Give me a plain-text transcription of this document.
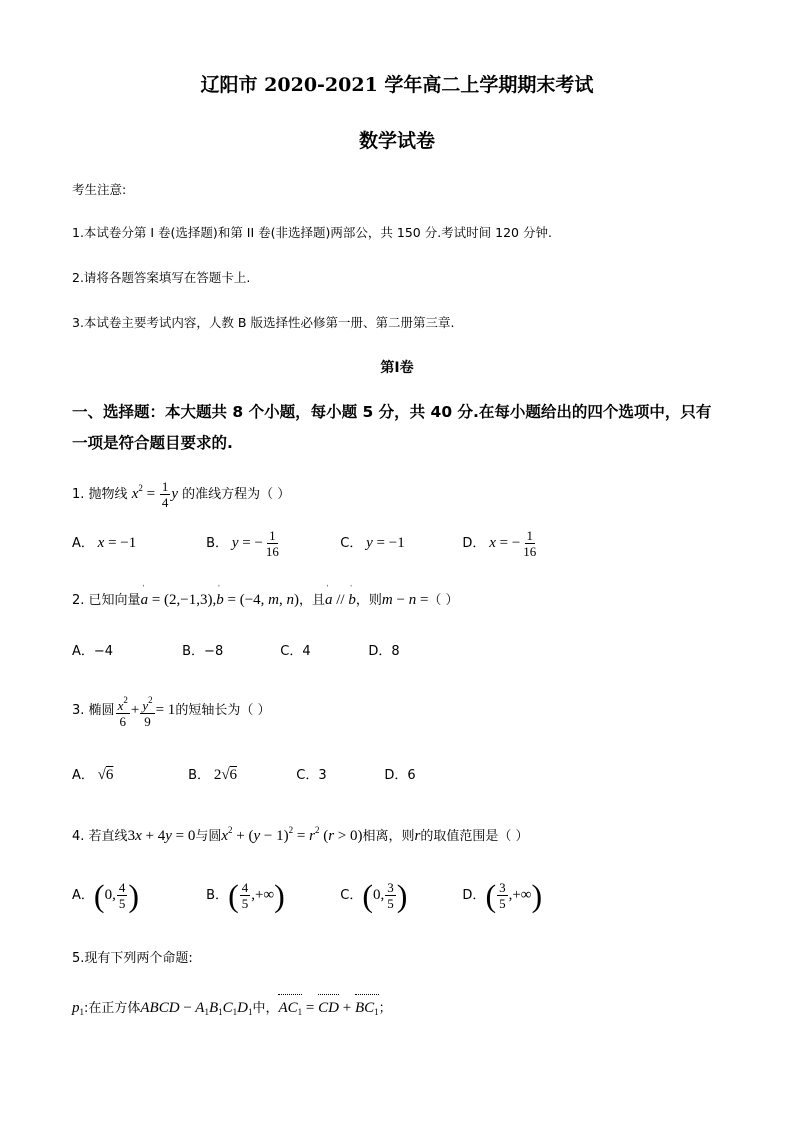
辽阳市 2020-2021 学年高二上学期期末考试
数学试卷
考生注意:
1.本试卷分第 I 卷(选择题)和第 II 卷(非选择题)两部公，共 150 分.考试时间 120 分钟.
2.请将各题答案填写在答题卡上.
3.本试卷主要考试内容，人教 B 版选择性必修第一册、第二册第三章.
第I卷
一、选择题：本大题共 8 个小题，每小题 5 分，共 40 分.在每小题给出的四个选项中，只有
一项是符合题目要求的.
1. 抛物线 $x^2 = \frac{1}{4}$ y 的准线方程为（ ）
A． x = −1	B． y = − $\frac{1}{16}$	C． y = −1	D． x = − $\frac{1}{16}$
2. 已知向量ˈ a = (2,−1,3),ˈ b = (−4, m, n)，且ˈ a // ˈ b，则m − n =（ ）
A．−4	B．−8	C．4	D．8
3. 椭圆 $\frac{x^2}{6} + \frac{y^2}{9} = 1$的短轴长为（ ）
A． √6	B． 2√6	C．3	D．6
4. 若直线3x + 4y = 0与圆$x^2 + (y - 1)^2 = r^2$ (r > 0)相离，则r的取值范围是（ ）
A．(0, $\frac{4}{5}$ )	B．( $\frac{4}{5}$ ,+∞)	C．(0, $\frac{3}{5}$ )	D．( $\frac{3}{5}$ ,+∞)
5.现有下列两个命题:
$p_1$:在正方体ABCD − $A_1B_1C_1D_1$中，$AC_1$ = CD + $BC_1$；
